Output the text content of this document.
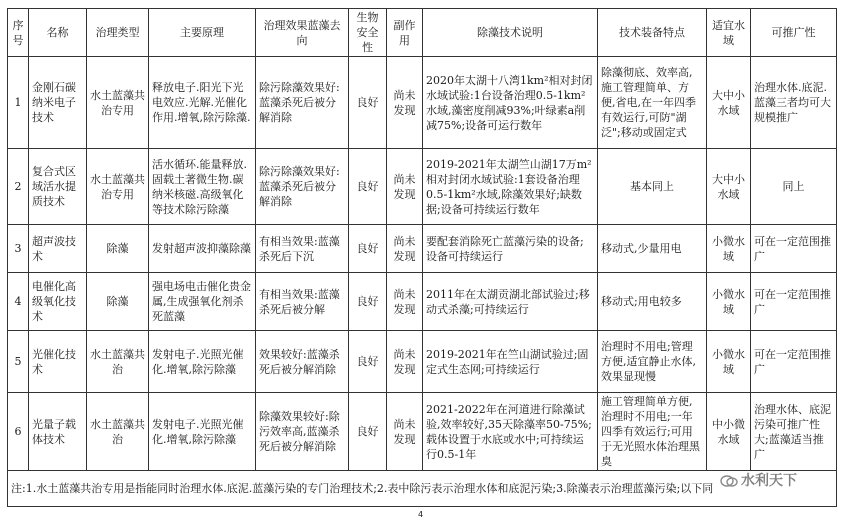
序号	名称	治理类型	主要原理	治理效果蓝藻去向	生物安全性	副作用	除藻技术说明	技术装备特点	适宜水域	可推广性
1	金刚石碳纳米电子技术	水土蓝藻共治专用	释放电子.阳光下光电效应.光解.光催化作用.增氧,除污除藻.	除污除藻效果好:蓝藻杀死后被分解消除	良好	尚未发现	2020年太湖十八湾1km²相对封闭水域试验:1台设备治理0.5-1km²水域,藻密度削减93%;叶绿素a削减75%;设备可运行数年	除藻彻底、效率高,施工管理简单、方便,省电,在一年四季有效运行,可防"湖泛";移动或固定式	大中小水域	治理水体.底泥.蓝藻三者均可大规模推广
2	复合式区域活水提质技术	水土蓝藻共治专用	活水循环.能量释放.固载土著微生物.碳纳米核磁.高级氧化等技术除污除藻	除污除藻效果好:蓝藻杀死后被分解消除	良好	尚未发现	2019-2021年太湖竺山湖17万m²相对封闭水域试验:1套设备治理0.5-1km²水域,除藻效果好;缺数据;设备可持续运行数年	基本同上	大中小水域	同上
3	超声波技术	除藻	发射超声波抑藻除藻	有相当效果:蓝藻杀死后下沉	良好	尚未发现	要配套消除死亡蓝藻污染的设备;设备可持续运行	移动式,少量用电	小微水域	可在一定范围推广
4	电催化高级氧化技术	除藻	强电场电击催化贵金属,生成强氧化剂杀死蓝藻	有相当效果:蓝藻杀死后被分解	良好	尚未发现	2011年在太湖贡湖北部试验过;移动式杀藻;可持续运行	移动式;用电较多	小微水域	可在一定范围推广
5	光催化技术	水土蓝藻共治	发射电子.光照光催化.增氧,除污除藻	效果较好:蓝藻杀死后被分解消除	良好	尚未发现	2019-2021年在竺山湖试验过;固定式生态网;可持续运行	治理时不用电;管理方便,适宜静止水体,效果显现慢	小微水域	可在一定范围推广
6	光量子载体技术	水土蓝藻共治	发射电子.光照光催化.增氧,除污除藻	除藻效果较好:除污效率高,蓝藻杀死后被分解消除	良好	尚未发现	2021-2022年在河道进行除藻试验,效率较好,35天除藻率50-75%;载体设置于水底或水中;可持续运行0.5-1年	施工管理简单方便,治理时不用电;一年四季有效运行;可用于无光照水体治理黑臭	中小微水域	治理水体、底泥污染可推广性大;蓝藻适当推广
注:1.水土蓝藻共治专用是指能同时治理水体.底泥.蓝藻污染的专门治理技术;2.表中除污表示治理水体和底泥污染;3.除藻表示治理蓝藻污染;以下同											水利天下
4
